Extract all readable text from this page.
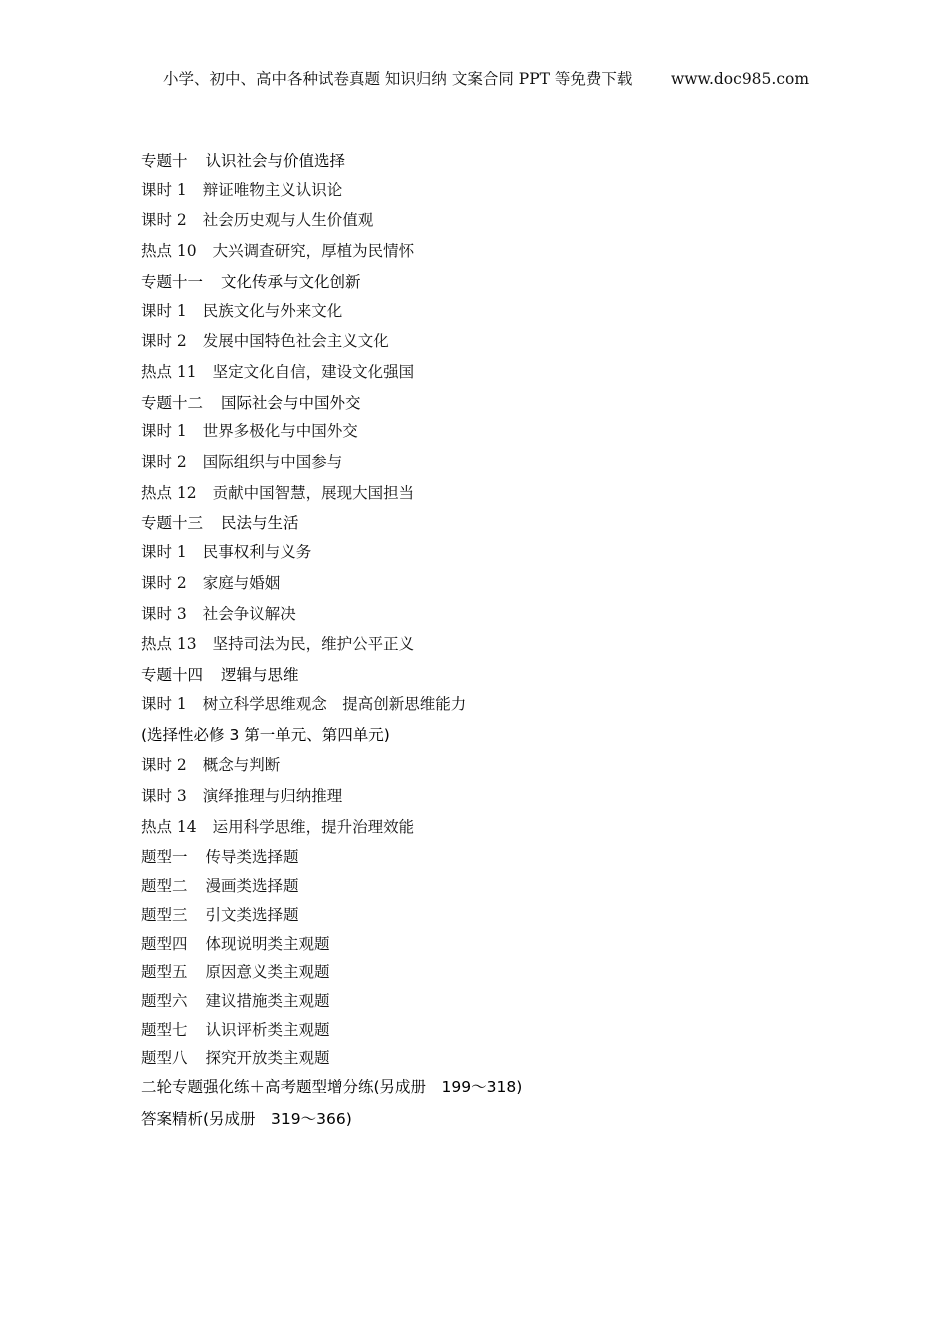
小学、初中、高中各种试卷真题 知识归纳 文案合同 PPT 等免费下载 www.doc985.com
专题十 认识社会与价值选择
课时 1 辩证唯物主义认识论
课时 2 社会历史观与人生价值观
热点 10 大兴调查研究，厚植为民情怀
专题十一 文化传承与文化创新
课时 1 民族文化与外来文化
课时 2 发展中国特色社会主义文化
热点 11 坚定文化自信，建设文化强国
专题十二 国际社会与中国外交
课时 1 世界多极化与中国外交
课时 2 国际组织与中国参与
热点 12 贡献中国智慧，展现大国担当
专题十三 民法与生活
课时 1 民事权利与义务
课时 2 家庭与婚姻
课时 3 社会争议解决
热点 13 坚持司法为民，维护公平正义
专题十四 逻辑与思维
课时 1 树立科学思维观念　提高创新思维能力
(选择性必修 3 第一单元、第四单元)
课时 2 概念与判断
课时 3 演绎推理与归纳推理
热点 14 运用科学思维，提升治理效能
题型一 传导类选择题
题型二 漫画类选择题
题型三 引文类选择题
题型四 体现说明类主观题
题型五 原因意义类主观题
题型六 建议措施类主观题
题型七 认识评析类主观题
题型八 探究开放类主观题
二轮专题强化练＋高考题型增分练(另成册　199～318)
答案精析(另成册　319～366)
